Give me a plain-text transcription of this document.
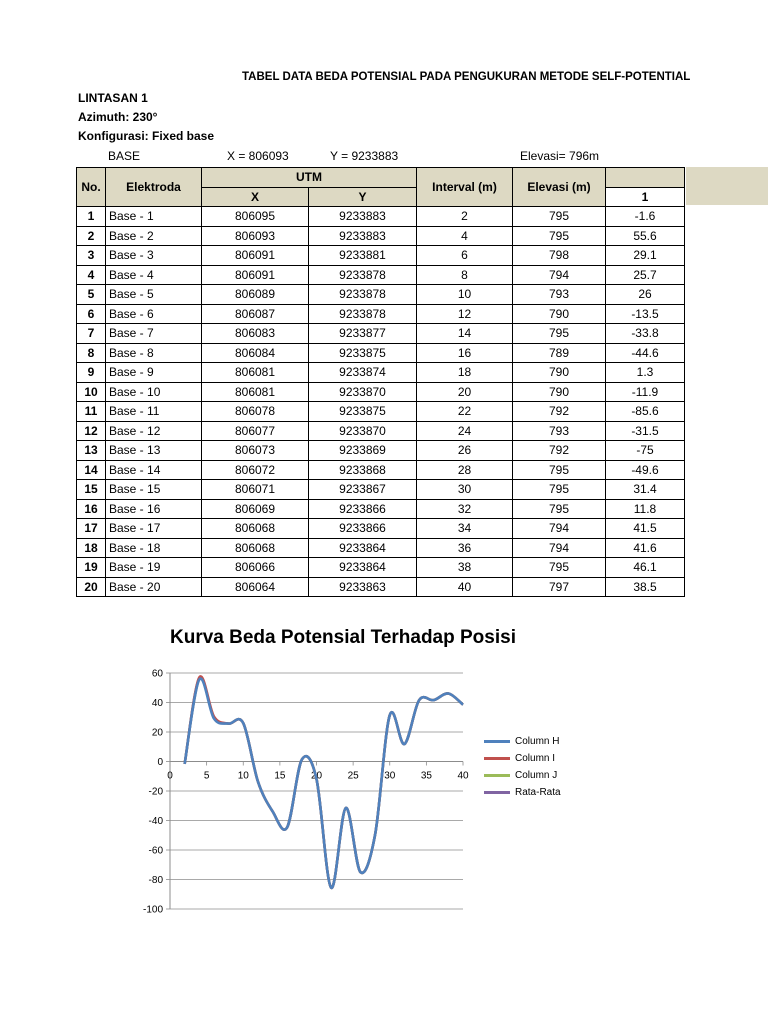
TABEL DATA BEDA POTENSIAL PADA PENGUKURAN METODE SELF-POTENTIAL
LINTASAN 1
Azimuth: 230°
Konfigurasi: Fixed base
BASE	X = 806093	Y = 9233883	Elevasi= 796m
No.	Elektroda	UTM		Interval (m)	Elevasi (m)	
		X	Y			1
1	Base - 1	806095	9233883	2	795	-1.6
2	Base - 2	806093	9233883	4	795	55.6
3	Base - 3	806091	9233881	6	798	29.1
4	Base - 4	806091	9233878	8	794	25.7
5	Base - 5	806089	9233878	10	793	26
6	Base - 6	806087	9233878	12	790	-13.5
7	Base - 7	806083	9233877	14	795	-33.8
8	Base - 8	806084	9233875	16	789	-44.6
9	Base - 9	806081	9233874	18	790	1.3
10	Base - 10	806081	9233870	20	790	-11.9
11	Base - 11	806078	9233875	22	792	-85.6
12	Base - 12	806077	9233870	24	793	-31.5
13	Base - 13	806073	9233869	26	792	-75
14	Base - 14	806072	9233868	28	795	-49.6
15	Base - 15	806071	9233867	30	795	31.4
16	Base - 16	806069	9233866	32	795	11.8
17	Base - 17	806068	9233866	34	794	41.5
18	Base - 18	806068	9233864	36	794	41.6
19	Base - 19	806066	9233864	38	795	46.1
20	Base - 20	806064	9233863	40	797	38.5
Kurva Beda Potensial Terhadap Posisi
60
40
20
0
-20
-40
-60
-80
-100
0	5	10	15	20	25	30	35	40
Column H
Column I
Column J
Rata-Rata
